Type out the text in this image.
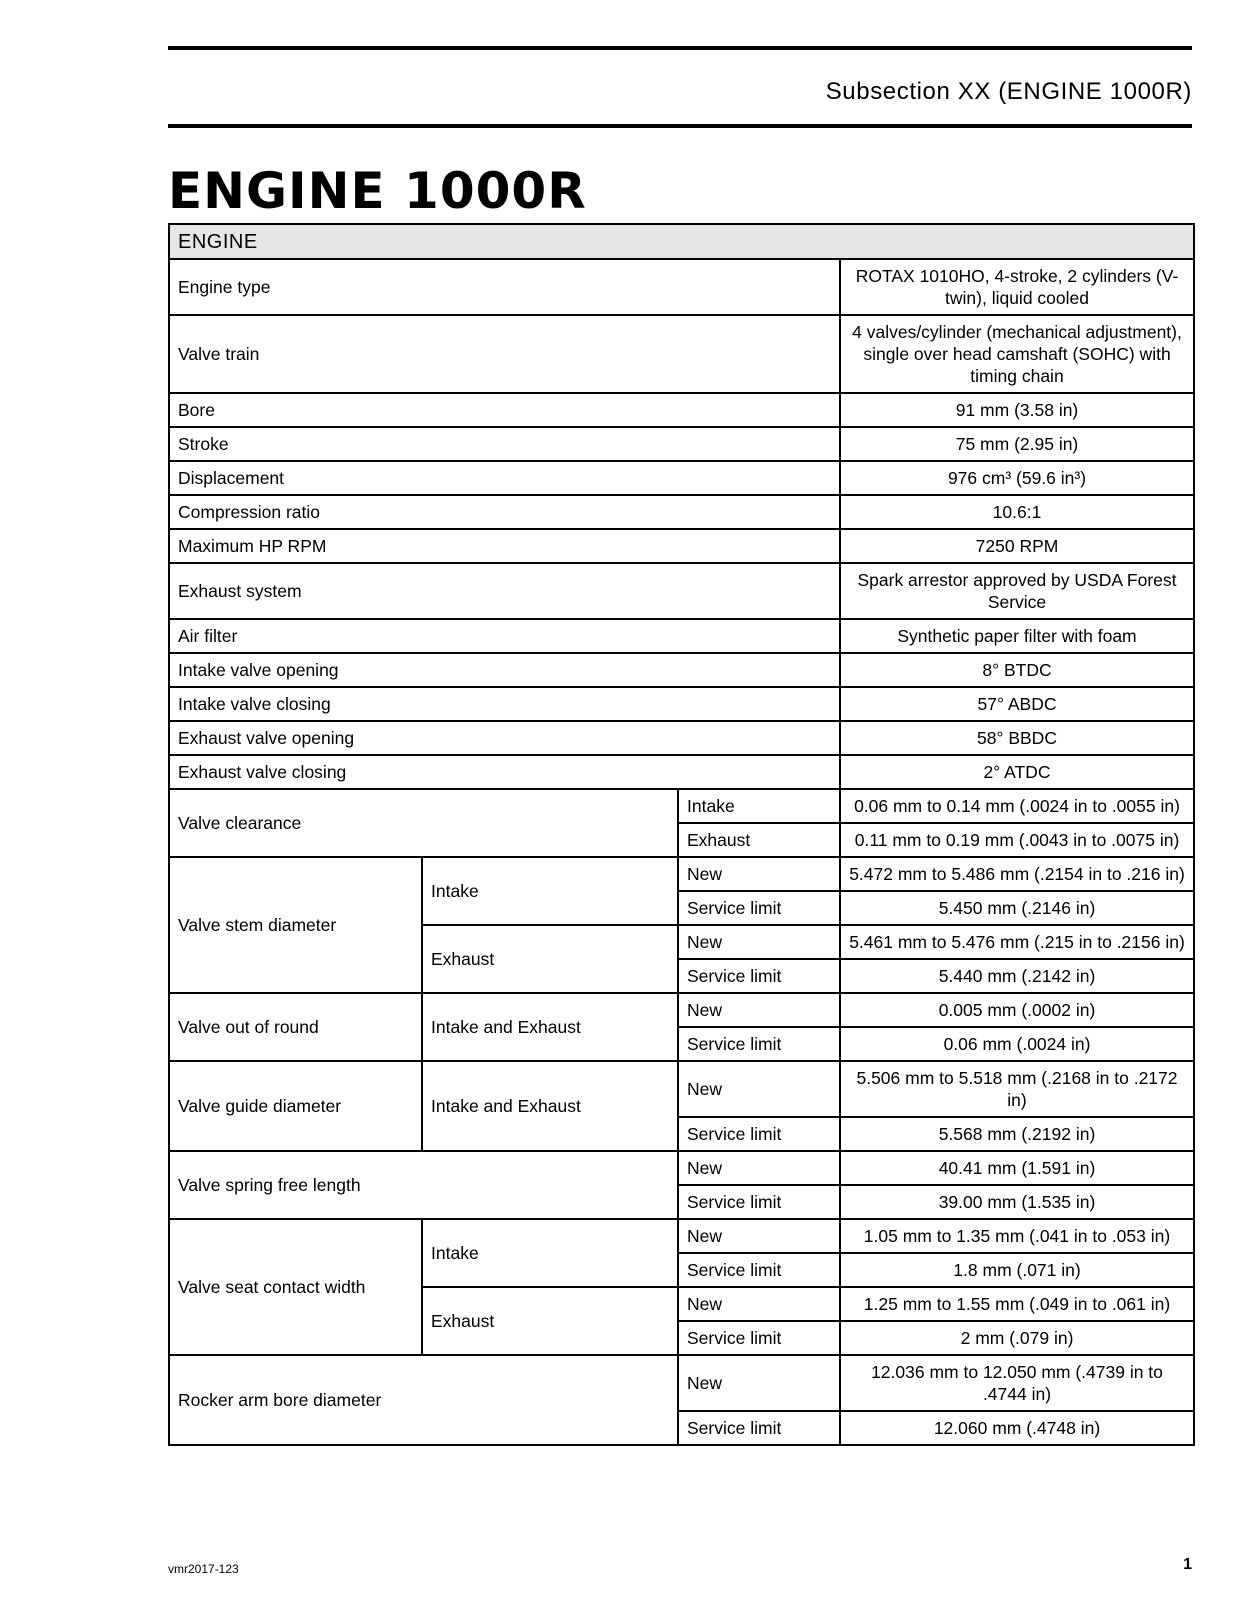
Subsection XX (ENGINE 1000R)
ENGINE 1000R
ENGINE			
Engine type			ROTAX 1010HO, 4-stroke, 2 cylinders (V-twin), liquid cooled
Valve train			4 valves/cylinder (mechanical adjustment), single over head camshaft (SOHC) with timing chain
Bore			91 mm (3.58 in)
Stroke			75 mm (2.95 in)
Displacement			976 cm³ (59.6 in³)
Compression ratio			10.6:1
Maximum HP RPM			7250 RPM
Exhaust system			Spark arrestor approved by USDA Forest Service
Air filter			Synthetic paper filter with foam
Intake valve opening			8° BTDC
Intake valve closing			57° ABDC
Exhaust valve opening			58° BBDC
Exhaust valve closing			2° ATDC
Valve clearance		Intake	0.06 mm to 0.14 mm (.0024 in to .0055 in)
		Exhaust	0.11 mm to 0.19 mm (.0043 in to .0075 in)
Valve stem diameter	Intake	New	5.472 mm to 5.486 mm (.2154 in to .216 in)
		Service limit	5.450 mm (.2146 in)
	Exhaust	New	5.461 mm to 5.476 mm (.215 in to .2156 in)
		Service limit	5.440 mm (.2142 in)
Valve out of round	Intake and Exhaust	New	0.005 mm (.0002 in)
		Service limit	0.06 mm (.0024 in)
Valve guide diameter	Intake and Exhaust	New	5.506 mm to 5.518 mm (.2168 in to .2172 in)
		Service limit	5.568 mm (.2192 in)
Valve spring free length		New	40.41 mm (1.591 in)
		Service limit	39.00 mm (1.535 in)
Valve seat contact width	Intake	New	1.05 mm to 1.35 mm (.041 in to .053 in)
		Service limit	1.8 mm (.071 in)
	Exhaust	New	1.25 mm to 1.55 mm (.049 in to .061 in)
		Service limit	2 mm (.079 in)
Rocker arm bore diameter		New	12.036 mm to 12.050 mm (.4739 in to .4744 in)
		Service limit	12.060 mm (.4748 in)
vmr2017-123	1
